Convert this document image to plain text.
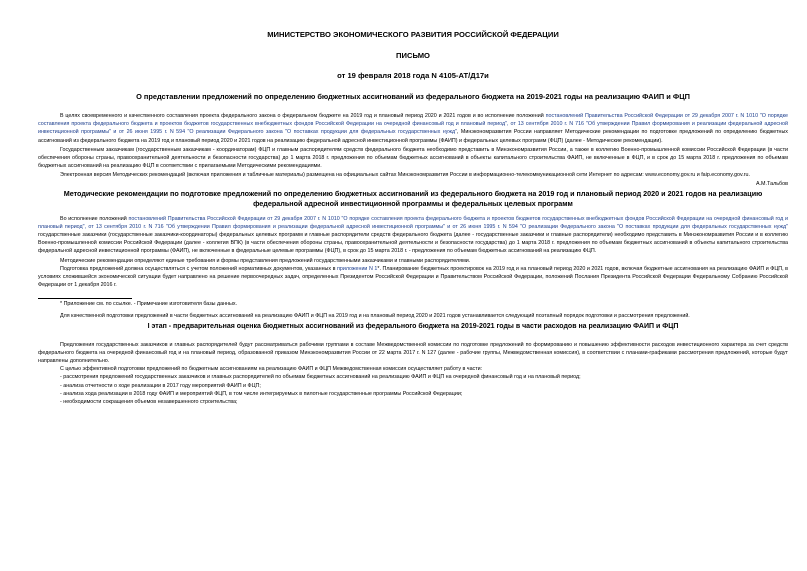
МИНИСТЕРСТВО ЭКОНОМИЧЕСКОГО РАЗВИТИЯ РОССИЙСКОЙ ФЕДЕРАЦИИ
ПИСЬМО
от 19 февраля 2018 года N 4105-АТ/Д17и
О представлении предложений по определению бюджетных ассигнований из федерального бюджета на 2019-2021 годы на реализацию ФАИП и ФЦП

В целях своевременного и качественного составления проекта федерального закона о федеральном бюджете на 2019 год и плановый период 2020 и 2021 годов и во исполнение положений постановлений Правительства Российской Федерации от 29 декабря 2007 г. N 1010 "О порядке составления проекта федерального бюджета и проектов бюджетов государственных внебюджетных фондов Российской Федерации на очередной финансовый год и плановый период", от 13 сентября 2010 г. N 716 "Об утверждении Правил формирования и реализации федеральной адресной инвестиционной программы" и от 26 июня 1995 г. N 594 "О реализации Федерального закона "О поставках продукции для федеральных государственных нужд", Минэкономразвития России направляет Методические рекомендации по подготовке предложений по определению бюджетных ассигнований из федерального бюджета на 2019 год и плановый период 2020 и 2021 годов на реализацию федеральной адресной инвестиционной программы (ФАИП) и федеральных целевых программ (ФЦП) (далее - Методические рекомендации).

Государственным заказчикам (государственным заказчикам - координаторам) ФЦП и главным распорядителям средств федерального бюджета необходимо представить в Минэкономразвития России, а также в коллегию Военно-промышленной комиссии Российской Федерации (в части обеспечения обороны страны, правоохранительной деятельности и безопасности государства) до 1 марта 2018 г. предложения по объемам бюджетных ассигнований в объекты капитального строительства ФАИП, не включенные в ФЦП, и в срок до 15 марта 2018 г. предложения по объемам бюджетных ассигнований на реализацию ФЦП в соответствии с прилагаемыми Методическими рекомендациями.

Электронная версия Методических рекомендаций (включая приложения и табличные материалы) размещена на официальных сайтах Минэкономразвития России в информационно-телекоммуникационной сети Интернет по адресам: www.economy.gov.ru и faip.economy.gov.ru.

А.М.Тальбов
Методические рекомендации по подготовке предложений по определению бюджетных ассигнований из федерального бюджета на 2019 год и плановый период 2020 и 2021 годов на реализацию федеральной адресной инвестиционной программы и федеральных целевых программ

Во исполнение положений постановлений Правительства Российской Федерации от 29 декабря 2007 г. N 1010 "О порядке составления проекта федерального бюджета и проектов бюджетов государственных внебюджетных фондов Российской Федерации на очередной финансовый год и плановый период", от 13 сентября 2010 г. N 716 "Об утверждении Правил формирования и реализации федеральной адресной инвестиционной программы" и от 26 июня 1995 г. N 594 "О реализации Федерального закона "О поставках продукции для федеральных государственных нужд" государственные заказчики (государственные заказчики-координаторы) федеральных целевых программ и главные распорядители средств федерального бюджета (далее - государственные заказчики и главные распорядители) необходимо представить в Минэкономразвития России и в коллегию Военно-промышленной комиссии Российской Федерации (далее - коллегия ВПК) (в части обеспечения обороны страны, правоохранительной деятельности и безопасности государства) до 1 марта 2018 г. предложения по объемам бюджетных ассигнований в объекты капитального строительства федеральной адресной инвестиционной программы (ФАИП), не включенные в федеральные целевые программы (ФЦП), в срок до 15 марта 2018 г. - предложения по объемам бюджетных ассигнований на реализацию ФЦП.

Методические рекомендации определяют единые требования и формы представления предложений государственными заказчиками и главными распорядителями.

Подготовка предложений должна осуществляться с учетом положений нормативных документов, указанных в приложении N 1*. Планирование бюджетных проектировок на 2019 год и на плановый период 2020 и 2021 годов, включая бюджетные ассигнования на реализацию ФАИП и ФЦП, в условиях сложившейся экономической ситуации будет направлено на решение первоочередных задач, определенных Президентом Российской Федерации и Правительством Российской Федерации, положений Послания Президента Российской Федерации Федеральному Собранию Российской Федерации от 1 декабря 2016 г.

* Приложение см. по ссылке. - Примечание изготовителя базы данных.

Для качественной подготовки предложений в части бюджетных ассигнований на реализацию ФАИП и ФЦП на 2019 год и на плановый период 2020 и 2021 годов устанавливается следующий поэтапный порядок подготовки и рассмотрения предложений.

I этап - предварительная оценка бюджетных ассигнований из федерального бюджета на 2019-2021 годы в части расходов на реализацию ФАИП и ФЦП

Предложения государственных заказчиков и главных распорядителей будут рассматриваться рабочими группами в составе Межведомственной комиссии по подготовке предложений по формированию и повышению эффективности расходов инвестиционного характера за счет средств федерального бюджета на очередной финансовый год и на плановый период, образованной приказом Минэкономразвития России от 22 марта 2017 г. N 127 (далее - рабочие группы, Межведомственная комиссия), в соответствии с планами-графиками рассмотрения предложений, которые будут направлены дополнительно.

С целью эффективной подготовки предложений по бюджетным ассигнованиям на реализацию ФАИП и ФЦП Межведомственная комиссия осуществляет работу в части:

- рассмотрения предложений государственных заказчиков и главных распорядителей по объемам бюджетных ассигнований на реализацию ФАИП и ФЦП на очередной финансовый год и на плановый период;

- анализа отчетности о ходе реализации в 2017 году мероприятий ФАИП и ФЦП;

- анализа хода реализации в 2018 году ФАИП и мероприятий ФЦП, в том числе интегрируемых в пилотные государственные программы Российской Федерации;

- необходимости сокращения объемов незавершенного строительства;
